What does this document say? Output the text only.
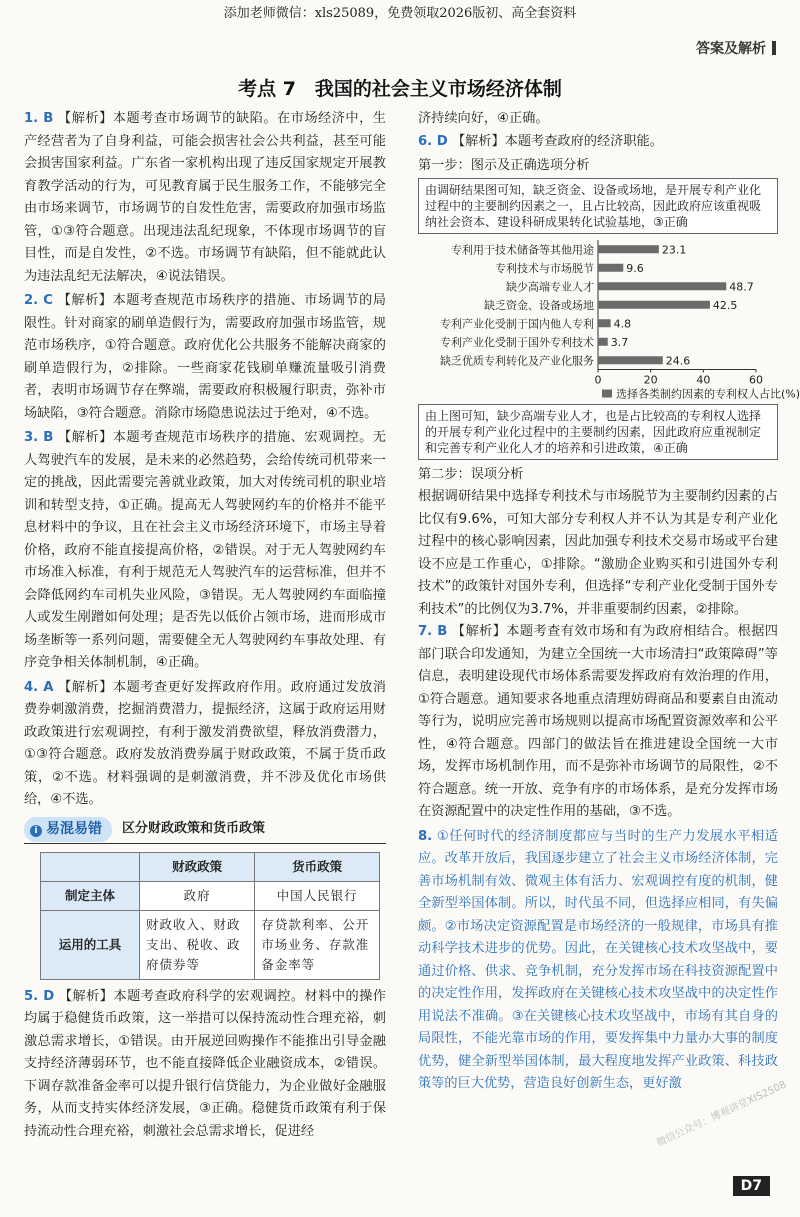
添加老师微信：xls25089，免费领取2026版初、高全套资料
答案及解析
考点 7　我国的社会主义市场经济体制

1. B 【解析】本题考查市场调节的缺陷。在市场经济中，生产经营者为了自身利益，可能会损害社会公共利益，甚至可能会损害国家利益。广东省一家机构出现了违反国家规定开展教育教学活动的行为，可见教育属于民生服务工作，不能够完全由市场来调节，市场调节的自发性危害，需要政府加强市场监管，①③符合题意。出现违法乱纪现象，不体现市场调节的盲目性，而是自发性，②不选。市场调节有缺陷，但不能就此认为违法乱纪无法解决，④说法错误。

2. C 【解析】本题考查规范市场秩序的措施、市场调节的局限性。针对商家的刷单造假行为，需要政府加强市场监管，规范市场秩序，①符合题意。政府优化公共服务不能解决商家的刷单造假行为，②排除。一些商家花钱刷单赚流量吸引消费者，表明市场调节存在弊端，需要政府积极履行职责，弥补市场缺陷，③符合题意。消除市场隐患说法过于绝对，④不选。

3. B 【解析】本题考查规范市场秩序的措施、宏观调控。无人驾驶汽车的发展，是未来的必然趋势，会给传统司机带来一定的挑战，因此需要完善就业政策，加大对传统司机的职业培训和转型支持，①正确。提高无人驾驶网约车的价格并不能平息材料中的争议，且在社会主义市场经济环境下，市场主导着价格，政府不能直接提高价格，②错误。对于无人驾驶网约车市场准入标准，有利于规范无人驾驶汽车的运营标准，但并不会降低网约车司机失业风险，③错误。无人驾驶网约车面临撞人或发生剐蹭如何处理；是否先以低价占领市场，进而形成市场垄断等一系列问题，需要健全无人驾驶网约车事故处理、有序竞争相关体制机制，④正确。

4. A 【解析】本题考查更好发挥政府作用。政府通过发放消费券刺激消费，挖掘消费潜力，提振经济，这属于政府运用财政政策进行宏观调控，有利于激发消费欲望，释放消费潜力，①③符合题意。政府发放消费券属于财政政策，不属于货币政策，②不选。材料强调的是刺激消费，并不涉及优化市场供给，④不选。

i 易混易错	区分财政政策和货币政策
	财政政策	货币政策
制定主体	政府	中国人民银行
运用的工具	财政收入、财政支出、税收、政府债券等	存贷款利率、公开市场业务、存款准备金率等

5. D 【解析】本题考查政府科学的宏观调控。材料中的操作均属于稳健货币政策，这一举措可以保持流动性合理充裕，刺激总需求增长，①错误。由开展逆回购操作不能推出引导金融支持经济薄弱环节，也不能直接降低企业融资成本，②错误。下调存款准备金率可以提升银行信贷能力，为企业做好金融服务，从而支持实体经济发展，③正确。稳健货币政策有利于保持流动性合理充裕，刺激社会总需求增长，促进经

济持续向好，④正确。

6. D 【解析】本题考查政府的经济职能。

第一步：图示及正确选项分析

由调研结果图可知，缺乏资金、设备或场地，是开展专利产业化过程中的主要制约因素之一，且占比较高，因此政府应该重视吸纳社会资本、建设科研成果转化试验基地，③正确
专利用于技术储备等其他用途	23.1
专利技术与市场脱节	9.6
缺少高端专业人才	48.7
缺乏资金、设备或场地	42.5
专利产业化受制于国内他人专利 4.8
专利产业化受制于国外专利技术 3.7
缺乏优质专利转化及产业化服务	24.6
0	20	40	60
选择各类制约因素的专利权人占比(%)
由上图可知，缺少高端专业人才，也是占比较高的专利权人选择的开展专利产业化过程中的主要制约因素，因此政府应重视制定和完善专利产业化人才的培养和引进政策，④正确

第二步：误项分析

根据调研结果中选择专利技术与市场脱节为主要制约因素的占比仅有9.6%，可知大部分专利权人并不认为其是专利产业化过程中的核心影响因素，因此加强专利技术交易市场或平台建设不应是工作重心，①排除。“激励企业购买和引进国外专利技术”的政策针对国外专利，但选择“专利产业化受制于国外专利技术”的比例仅为3.7%，并非重要制约因素，②排除。

7. B 【解析】本题考查有效市场和有为政府相结合。根据四部门联合印发通知，为建立全国统一大市场清扫“政策障碍”等信息，表明建设现代市场体系需要发挥政府有效治理的作用，①符合题意。通知要求各地重点清理妨碍商品和要素自由流动等行为，说明应完善市场规则以提高市场配置资源效率和公平性，④符合题意。四部门的做法旨在推进建设全国统一大市场，发挥市场机制作用，而不是弥补市场调节的局限性，②不符合题意。统一开放、竞争有序的市场体系，是充分发挥市场在资源配置中的决定性作用的基础，③不选。

8. ①任何时代的经济制度都应与当时的生产力发展水平相适应。改革开放后，我国逐步建立了社会主义市场经济体制，完善市场机制有效、微观主体有活力、宏观调控有度的机制，健全新型举国体制。所以，时代虽不同，但选择应相同，有失偏颇。②市场决定资源配置是市场经济的一般规律，市场具有推动科学技术进步的优势。因此，在关键核心技术攻坚战中，要通过价格、供求、竞争机制，充分发挥市场在科技资源配置中的决定性作用，发挥政府在关键核心技术攻坚战中的决定性作用说法不准确。③在关键核心技术攻坚战中，市场有其自身的局限性，不能光靠市场的作用，要发挥集中力量办大事的制度优势，健全新型举国体制，最大程度地发挥产业政策、科技政策等的巨大优势，营造良好创新生态，更好激

微信公众号：博观讲堂XIS2508
D7
